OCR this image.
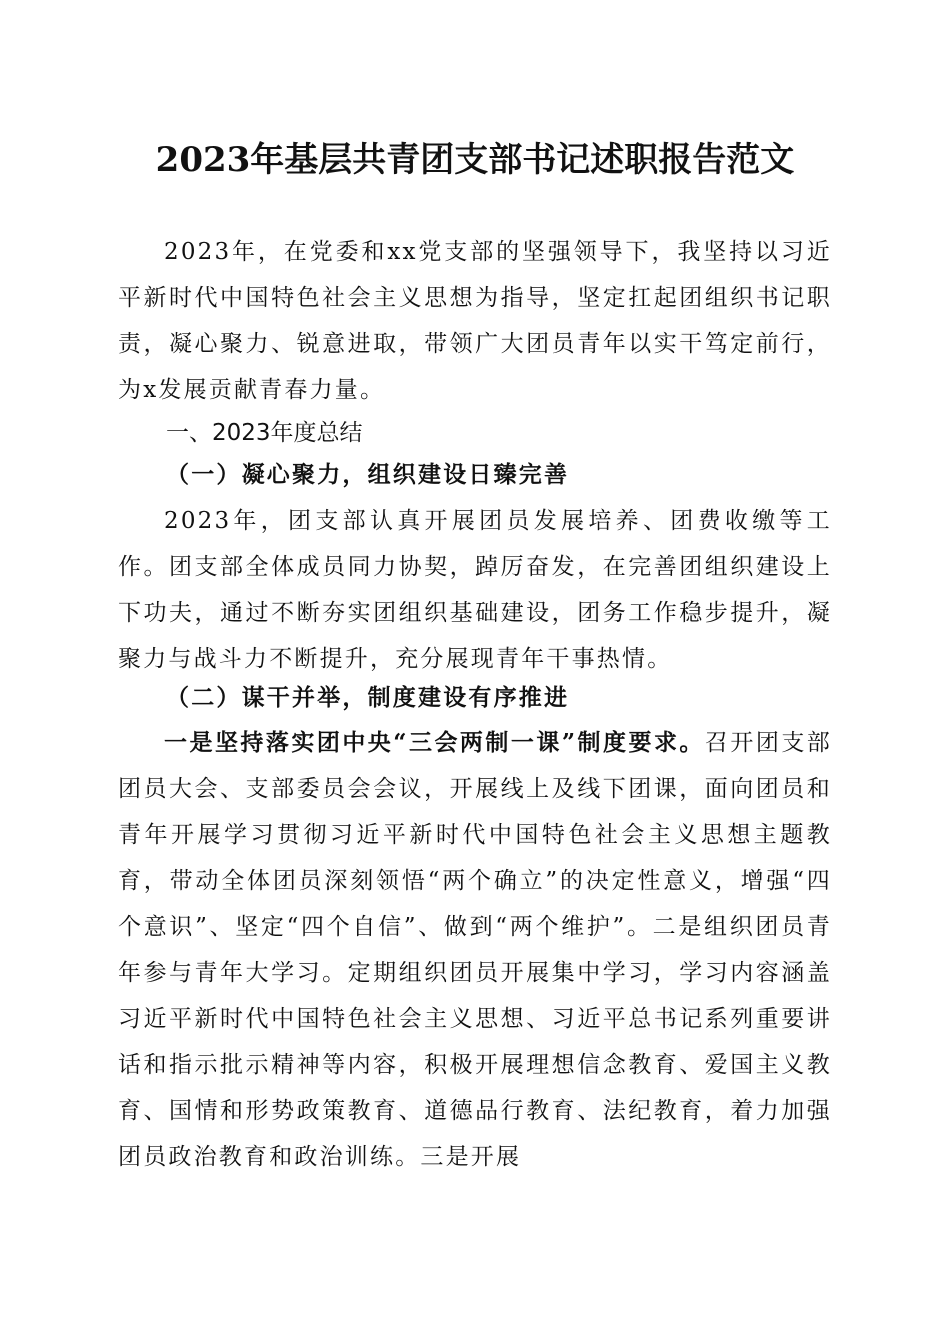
2023年基层共青团支部书记述职报告范文

2023年，在党委和xx党支部的坚强领导下，我坚持以习近平新时代中国特色社会主义思想为指导，坚定扛起团组织书记职责，凝心聚力、锐意进取，带领广大团员青年以实干笃定前行，为x发展贡献青春力量。

一、2023年度总结
（一）凝心聚力，组织建设日臻完善

2023年，团支部认真开展团员发展培养、团费收缴等工作。团支部全体成员同力协契，踔厉奋发，在完善团组织建设上下功夫，通过不断夯实团组织基础建设，团务工作稳步提升，凝聚力与战斗力不断提升，充分展现青年干事热情。

（二）谋干并举，制度建设有序推进

一是坚持落实团中央“三会两制一课”制度要求。召开团支部团员大会、支部委员会会议，开展线上及线下团课，面向团员和青年开展学习贯彻习近平新时代中国特色社会主义思想主题教育，带动全体团员深刻领悟“两个确立”的决定性意义，增强“四个意识”、坚定“四个自信”、做到“两个维护”。二是组织团员青年参与青年大学习。定期组织团员开展集中学习，学习内容涵盖习近平新时代中国特色社会主义思想、习近平总书记系列重要讲话和指示批示精神等内容，积极开展理想信念教育、爱国主义教育、国情和形势政策教育、道德品行教育、法纪教育，着力加强团员政治教育和政治训练。三是开展
